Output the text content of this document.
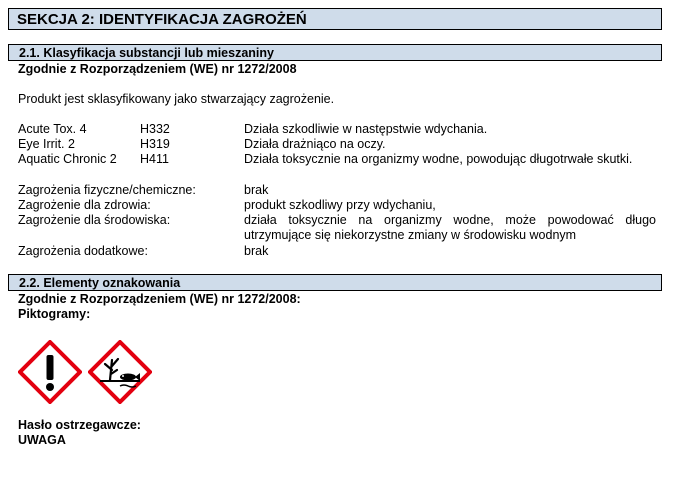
SEKCJA 2: IDENTYFIKACJA ZAGROŻEŃ
2.1. Klasyfikacja substancji lub mieszaniny
Zgodnie z Rozporządzeniem (WE) nr 1272/2008
Produkt jest sklasyfikowany jako stwarzający zagrożenie.
Acute Tox. 4	H332	Działa szkodliwie w następstwie wdychania.
Eye Irrit. 2	H319	Działa drażniąco na oczy.
Aquatic Chronic 2 H411	Działa toksycznie na organizmy wodne, powodując długotrwałe skutki.
Zagrożenia fizyczne/chemiczne:	brak
Zagrożenie dla zdrowia:	produkt szkodliwy przy wdychaniu,
Zagrożenie dla środowiska:	działa toksycznie na organizmy wodne, może powodować długo utrzymujące się niekorzystne zmiany w środowisku wodnym
Zagrożenia dodatkowe:	brak
2.2. Elementy oznakowania
Zgodnie z Rozporządzeniem (WE) nr 1272/2008:
Piktogramy:
Hasło ostrzegawcze:
UWAGA
